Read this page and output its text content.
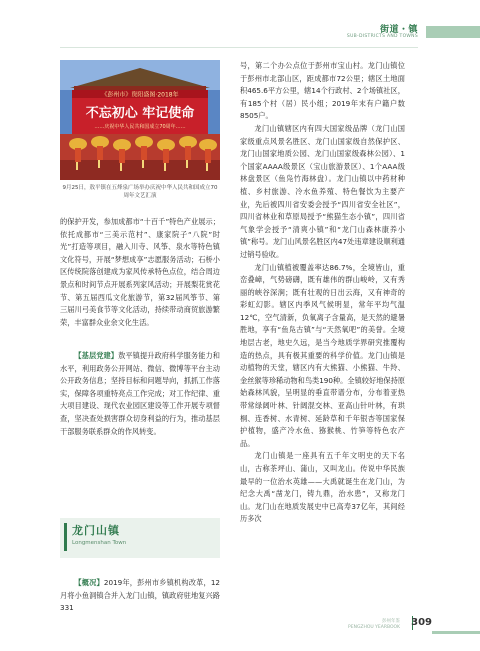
街道・镇
SUB-DISTRICTS AND TOWNS
《彭州市》资阳盛图·2018年
不忘初心 牢记使命
……庆祝中华人民共和国成立70周年……
9月25日，敖平镇在五烽泉广场举办庆祝中华人民共和国成立70周年文艺汇演

的保护开发，参加成都市“十百千”特色产业展示；依托成都市“三美示范村”、康家院子“八院”时光”打造等项目，融入川寺、风筝、泉水等特色镇文化符号，开展“梦想成享”志愿服务活动；石桥小区传统院落创建成为家风传承特色点位，结合周边景点和时间节点开展系列家风活动；开展梨花赏花节、第五届西瓜文化旅游节，第32届风筝节、第三届川弓美食节等文化活动，持续带动商贸旅游繁荣，丰富群众业余文化生活。

【基层党建】敖平镇提升政府科学服务能力和水平，利用政务公开网站、微信、微博等平台主动公开政务信息；坚持目标和问题导向，抓抓工作落实，保障各项重特亮点工作完成；对工作纪律、重大项目建设、现代农业园区建设等工作开展专项督查，坚决查处损害群众切身利益的行为，推动基层干部服务联系群众的作风转变。

龙门山镇
Longmenshan Town

【概况】2019年，彭州市乡镇机构改革，12月将小鱼洞镇合并入龙门山镇，镇政府驻地复兴路331

号，第二个办公点位于彭州市宝山村。龙门山镇位于彭州市北部山区，距成都市72公里；辖区土地面积465.6平方公里，辖14个行政村、2个场镇社区，有185个村（居）民小组；2019年末有户籍户数8505户。

龙门山镇辖区内有四大国家级品牌（龙门山国家级重点风景名胜区、龙门山国家级自然保护区、龙门山国家地质公园、龙门山国家级森林公园）、1个国家AAAA级景区（宝山旅游景区）、1个AAA级林盘景区（鱼凫竹海林盘）。龙门山镇以中药材种植、乡村旅游、冷水鱼养殖、特色餐饮为主要产业，先后被四川省安委会授予“四川省安全社区”，四川省林业和草原局授予“熊猫生态小镇”，四川省气象学会授予“清爽小镇”和“龙门山森林康养小镇”称号。龙门山风景名胜区内47处违章建设顺利通过销号验收。

龙门山镇植被覆盖率达86.7%，全境皆山，重峦叠嶂，气势磅礴，既有雄伟的群山峻岭，又有秀丽的峡谷深涧；既有壮观的日出云海，又有神奇的彩虹幻影。辖区内季风气候明显，常年平均气温12℃，空气清新，负氧离子含量高，是天然的避暑胜地，享有“鱼凫古镇”与“天然氧吧”的美誉。全境地层古老，地史久远，是当今地质学界研究推覆构造的热点，具有极其重要的科学价值。龙门山镇是动植物的天堂，辖区内有大熊猫、小熊猫、牛羚、金丝猴等珍稀动物和鸟类190种。全镇较好地保持原始森林风貌，呈明显的垂直带谱分布，分布着亚热带常绿阔叶林、针阔混交林、亚高山针叶林，有珙桐、连香树、水青树、延龄草和千年银杏等国家保护植物，盛产冷水鱼、猕猴桃、竹笋等特色农产品。

龙门山镇是一座具有五千年文明史的天下名山，古称茶坪山、蒲山，又叫龙山。传说中华民族最早的一位治水英雄——大禹就诞生在龙门山，为纪念大禹“凿龙门，铸九鼎，治水患”，又称龙门山。龙门山在地质发展史中已高寿37亿年，其间经历多次

彭州年鉴
PENGZHOU YEARBOOK 309
